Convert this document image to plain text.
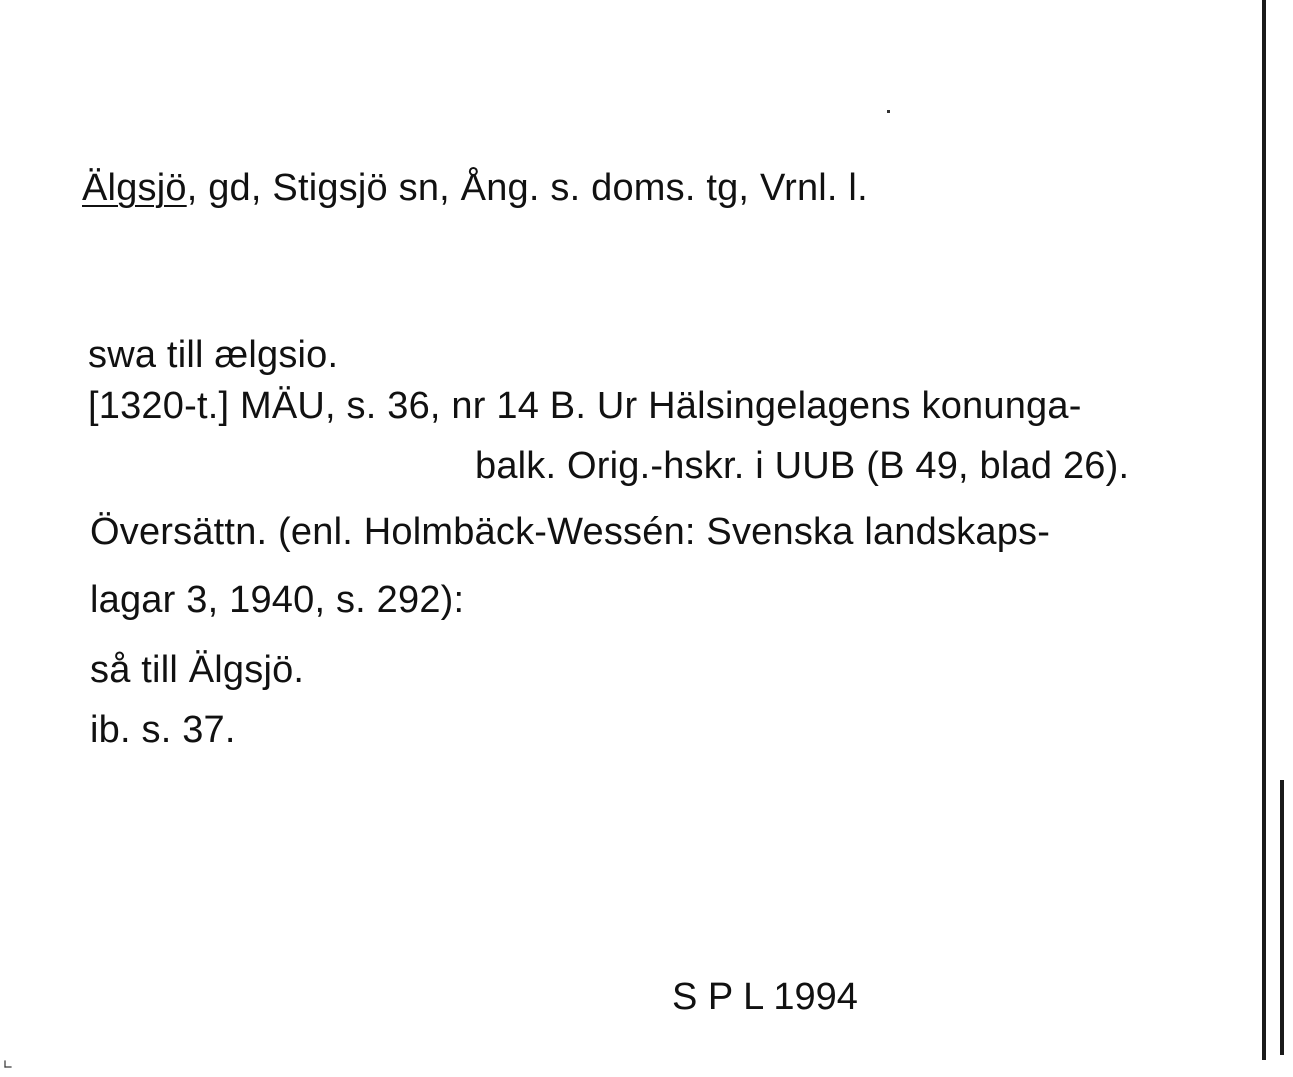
Älgsjö, gd, Stigsjö sn, Ång. s. doms. tg, Vrnl. l.
swa till ælgsio.
[1320-t.] MÄU, s. 36, nr 14 B. Ur Hälsingelagens konunga-
balk. Orig.-hskr. i UUB (B 49, blad 26).
Översättn. (enl. Holmbäck-Wessén: Svenska landskaps-
lagar 3, 1940, s. 292):
så till Älgsjö.
ib. s. 37.
S P L 1994
